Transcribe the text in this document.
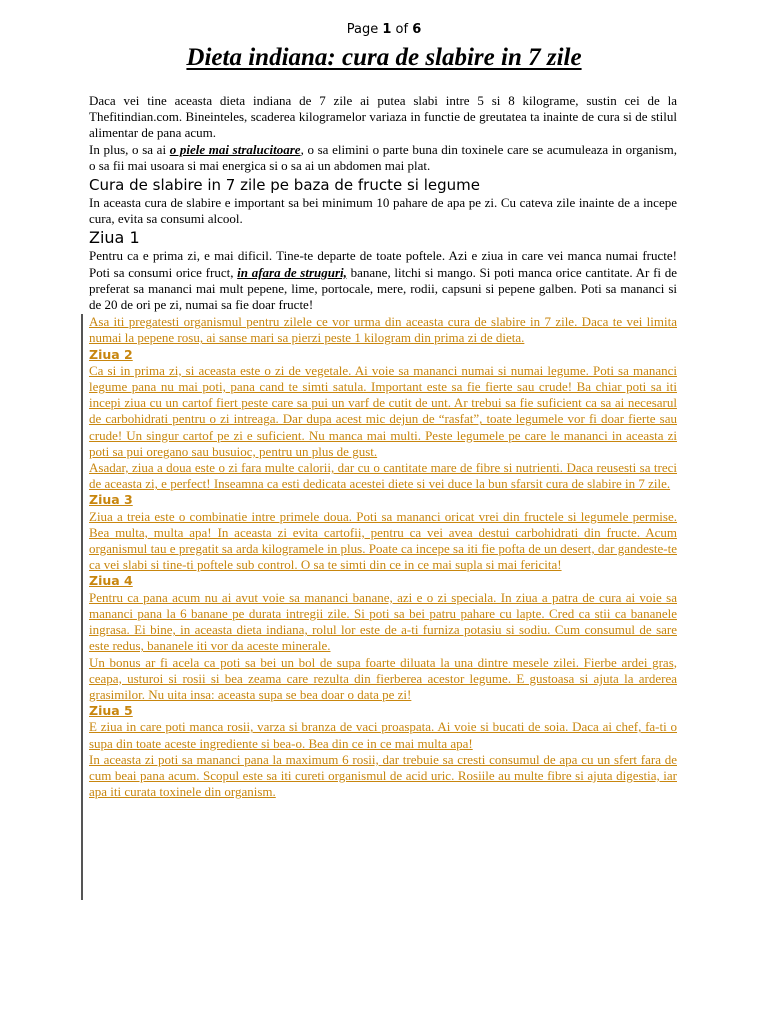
Page 1 of 6
Dieta indiana: cura de slabire in 7 zile

Daca vei tine aceasta dieta indiana de 7 zile ai putea slabi intre 5 si 8 kilograme, sustin cei de la Thefitindian.com. Bineinteles, scaderea kilogramelor variaza in functie de greutatea ta inainte de cura si de stilul alimentar de pana acum.

In plus, o sa ai o piele mai stralucitoare, o sa elimini o parte buna din toxinele care se acumuleaza in organism, o sa fii mai usoara si mai energica si o sa ai un abdomen mai plat.

Cura de slabire in 7 zile pe baza de fructe si legume

In aceasta cura de slabire e important sa bei minimum 10 pahare de apa pe zi. Cu cateva zile inainte de a incepe cura, evita sa consumi alcool.

Ziua 1

Pentru ca e prima zi, e mai dificil. Tine-te departe de toate poftele. Azi e ziua in care vei manca numai fructe! Poti sa consumi orice fruct, in afara de struguri, banane, litchi si mango. Si poti manca orice cantitate. Ar fi de preferat sa mananci mai mult pepene, lime, portocale, mere, rodii, capsuni si pepene galben. Poti sa mananci si de 20 de ori pe zi, numai sa fie doar fructe!

Asa iti pregatesti organismul pentru zilele ce vor urma din aceasta cura de slabire in 7 zile. Daca te vei limita numai la pepene rosu, ai sanse mari sa pierzi peste 1 kilogram din prima zi de dieta.

Ziua 2

Ca si in prima zi, si aceasta este o zi de vegetale. Ai voie sa mananci numai si numai legume. Poti sa mananci legume pana nu mai poti, pana cand te simti satula. Important este sa fie fierte sau crude! Ba chiar poti sa iti incepi ziua cu un cartof fiert peste care sa pui un varf de cutit de unt. Ar trebui sa fie suficient ca sa ai necesarul de carbohidrati pentru o zi intreaga. Dar dupa acest mic dejun de “rasfat”, toate legumele vor fi doar fierte sau crude! Un singur cartof pe zi e suficient. Nu manca mai multi. Peste legumele pe care le mananci in aceasta zi poti sa pui oregano sau busuioc, pentru un plus de gust.

Asadar, ziua a doua este o zi fara multe calorii, dar cu o cantitate mare de fibre si nutrienti. Daca reusesti sa treci de aceasta zi, e perfect! Inseamna ca esti dedicata acestei diete si vei duce la bun sfarsit cura de slabire in 7 zile.

Ziua 3

Ziua a treia este o combinatie intre primele doua. Poti sa mananci oricat vrei din fructele si legumele permise. Bea multa, multa apa! In aceasta zi evita cartofii, pentru ca vei avea destui carbohidrati din fructe. Acum organismul tau e pregatit sa arda kilogramele in plus. Poate ca incepe sa iti fie pofta de un desert, dar gandeste-te ca vei slabi si tine-ti poftele sub control. O sa te simti din ce in ce mai supla si mai fericita!

Ziua 4

Pentru ca pana acum nu ai avut voie sa mananci banane, azi e o zi speciala. In ziua a patra de cura ai voie sa mananci pana la 6 banane pe durata intregii zile. Si poti sa bei patru pahare cu lapte. Cred ca stii ca bananele ingrasa. Ei bine, in aceasta dieta indiana, rolul lor este de a-ti furniza potasiu si sodiu. Cum consumul de sare este redus, bananele iti vor da aceste minerale.

Un bonus ar fi acela ca poti sa bei un bol de supa foarte diluata la una dintre mesele zilei. Fierbe ardei gras, ceapa, usturoi si rosii si bea zeama care rezulta din fierberea acestor legume. E gustoasa si ajuta la arderea grasimilor. Nu uita insa: aceasta supa se bea doar o data pe zi!

Ziua 5

E ziua in care poti manca rosii, varza si branza de vaci proaspata. Ai voie si bucati de soia. Daca ai chef, fa-ti o supa din toate aceste ingrediente si bea-o. Bea din ce in ce mai multa apa!

In aceasta zi poti sa mananci pana la maximum 6 rosii, dar trebuie sa cresti consumul de apa cu un sfert fara de cum beai pana acum. Scopul este sa iti cureti organismul de acid uric. Rosiile au multe fibre si ajuta digestia, iar apa iti curata toxinele din organism.
